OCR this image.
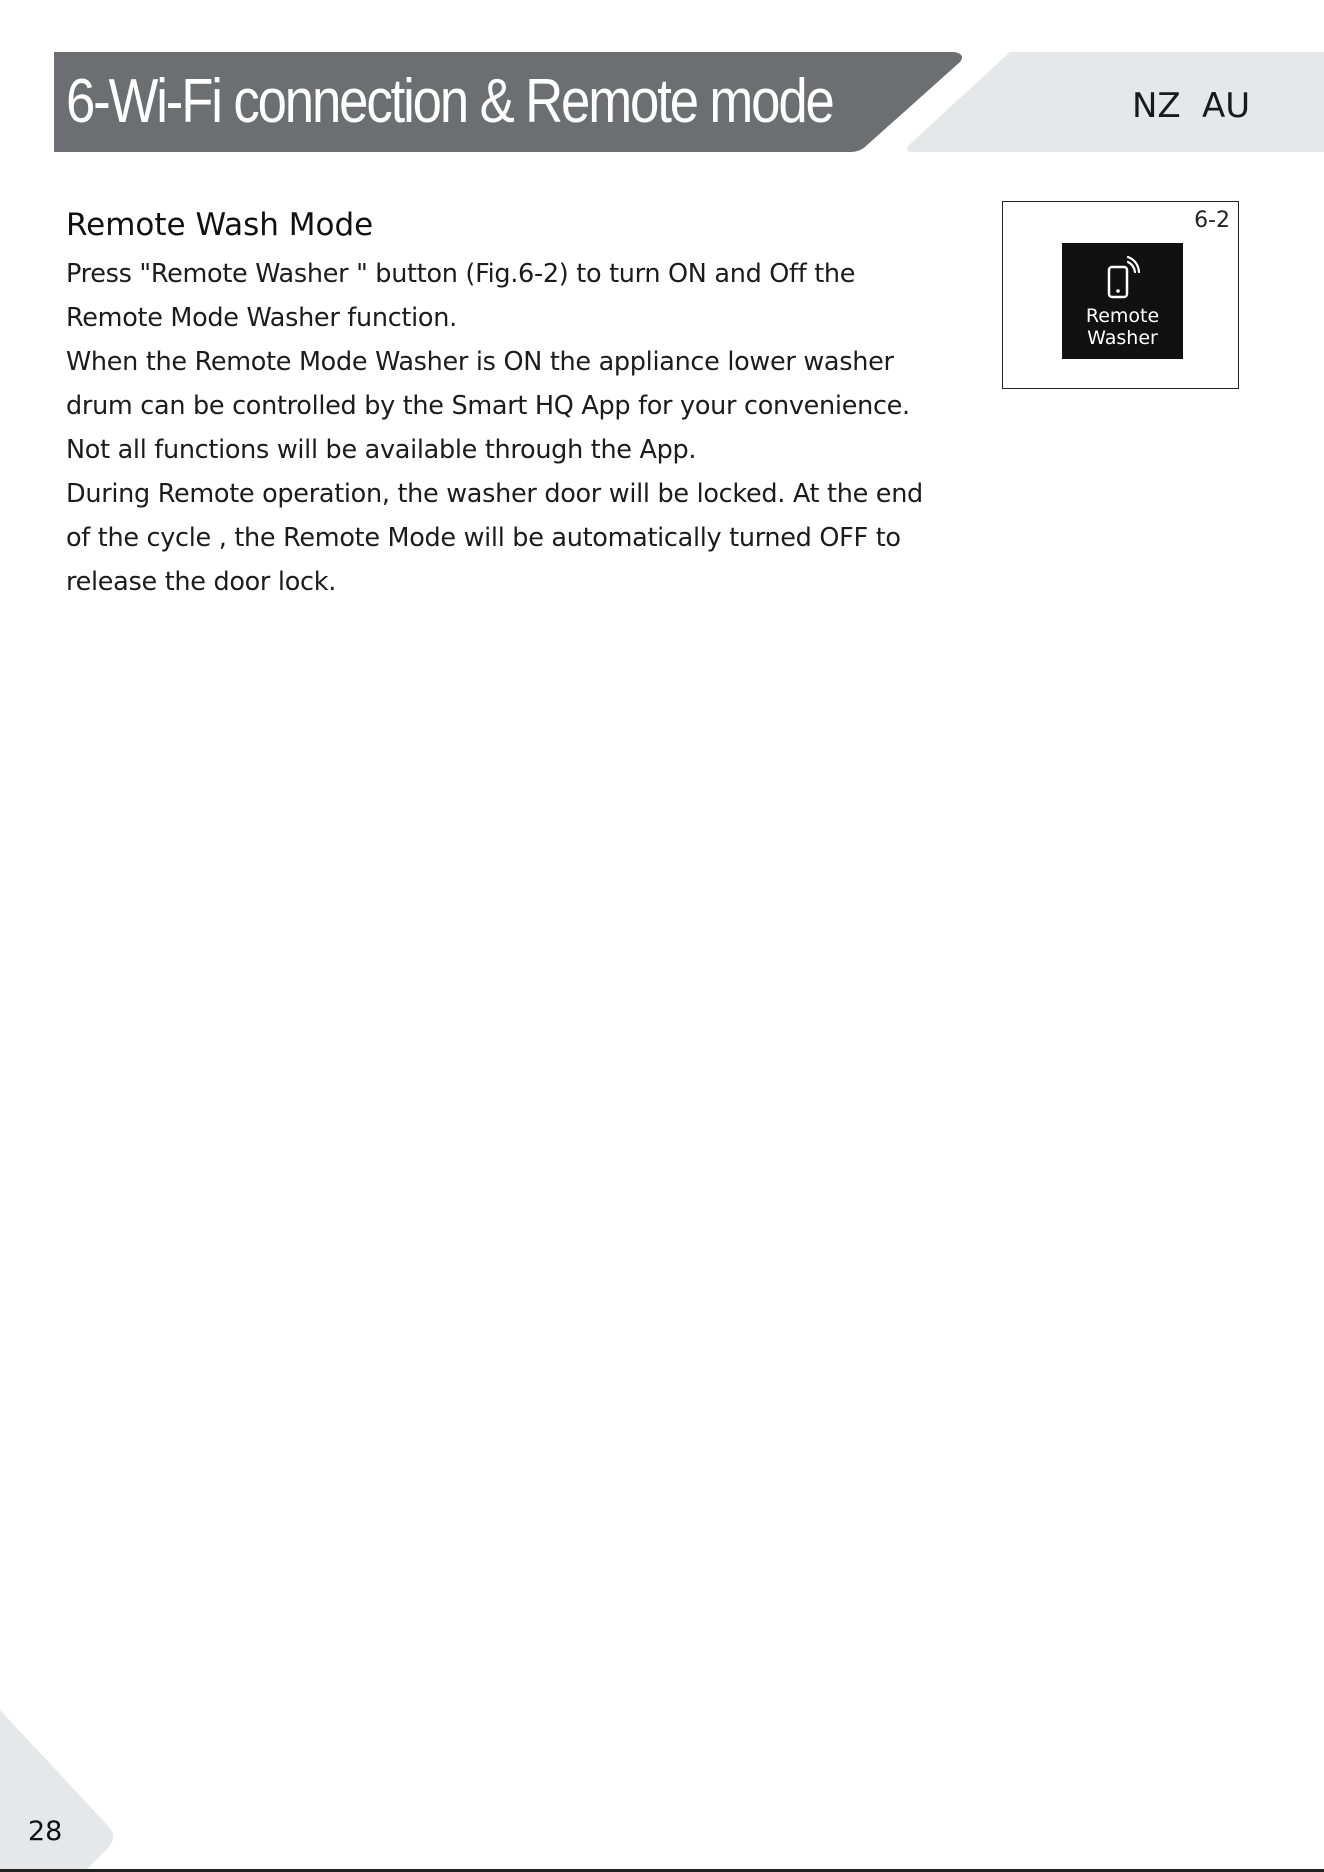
6-Wi-Fi connection & Remote mode	NZ AU
Remote Wash Mode
Press "Remote Washer " button (Fig.6-2) to turn ON and Off the
Remote Mode Washer function.
When the Remote Mode Washer is ON the appliance lower washer
drum can be controlled by the Smart HQ App for your convenience.
Not all functions will be available through the App.
During Remote operation, the washer door will be locked. At the end
of the cycle , the Remote Mode will be automatically turned OFF to
release the door lock.
6-2
Remote
Washer
28
